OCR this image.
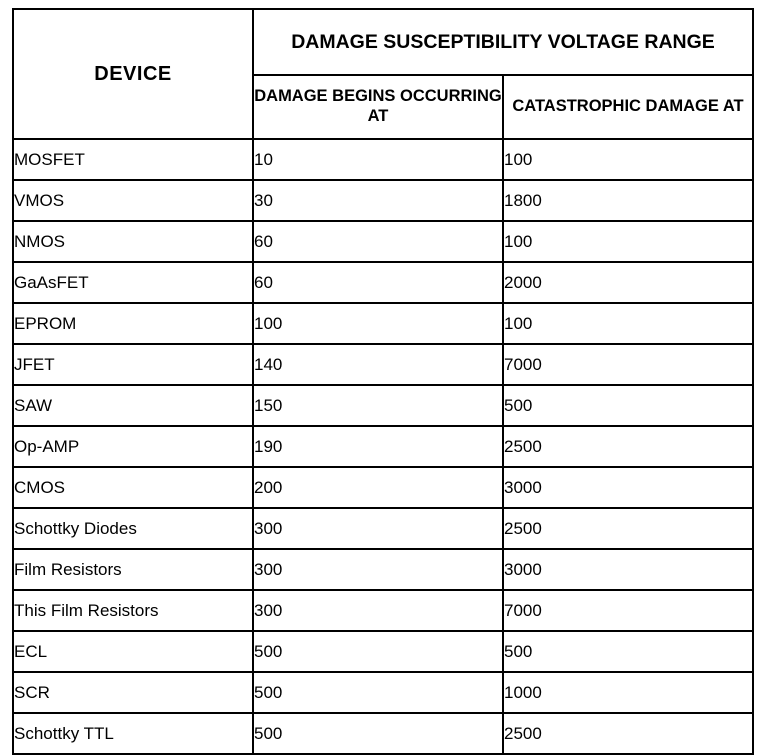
DEVICE	DAMAGE SUSCEPTIBILITY VOLTAGE RANGE	
	DAMAGE BEGINS OCCURRING AT	CATASTROPHIC DAMAGE AT
MOSFET	10	100
VMOS	30	1800
NMOS	60	100
GaAsFET	60	2000
EPROM	100	100
JFET	140	7000
SAW	150	500
Op-AMP	190	2500
CMOS	200	3000
Schottky Diodes	300	2500
Film Resistors	300	3000
This Film Resistors	300	7000
ECL	500	500
SCR	500	1000
Schottky TTL	500	2500
